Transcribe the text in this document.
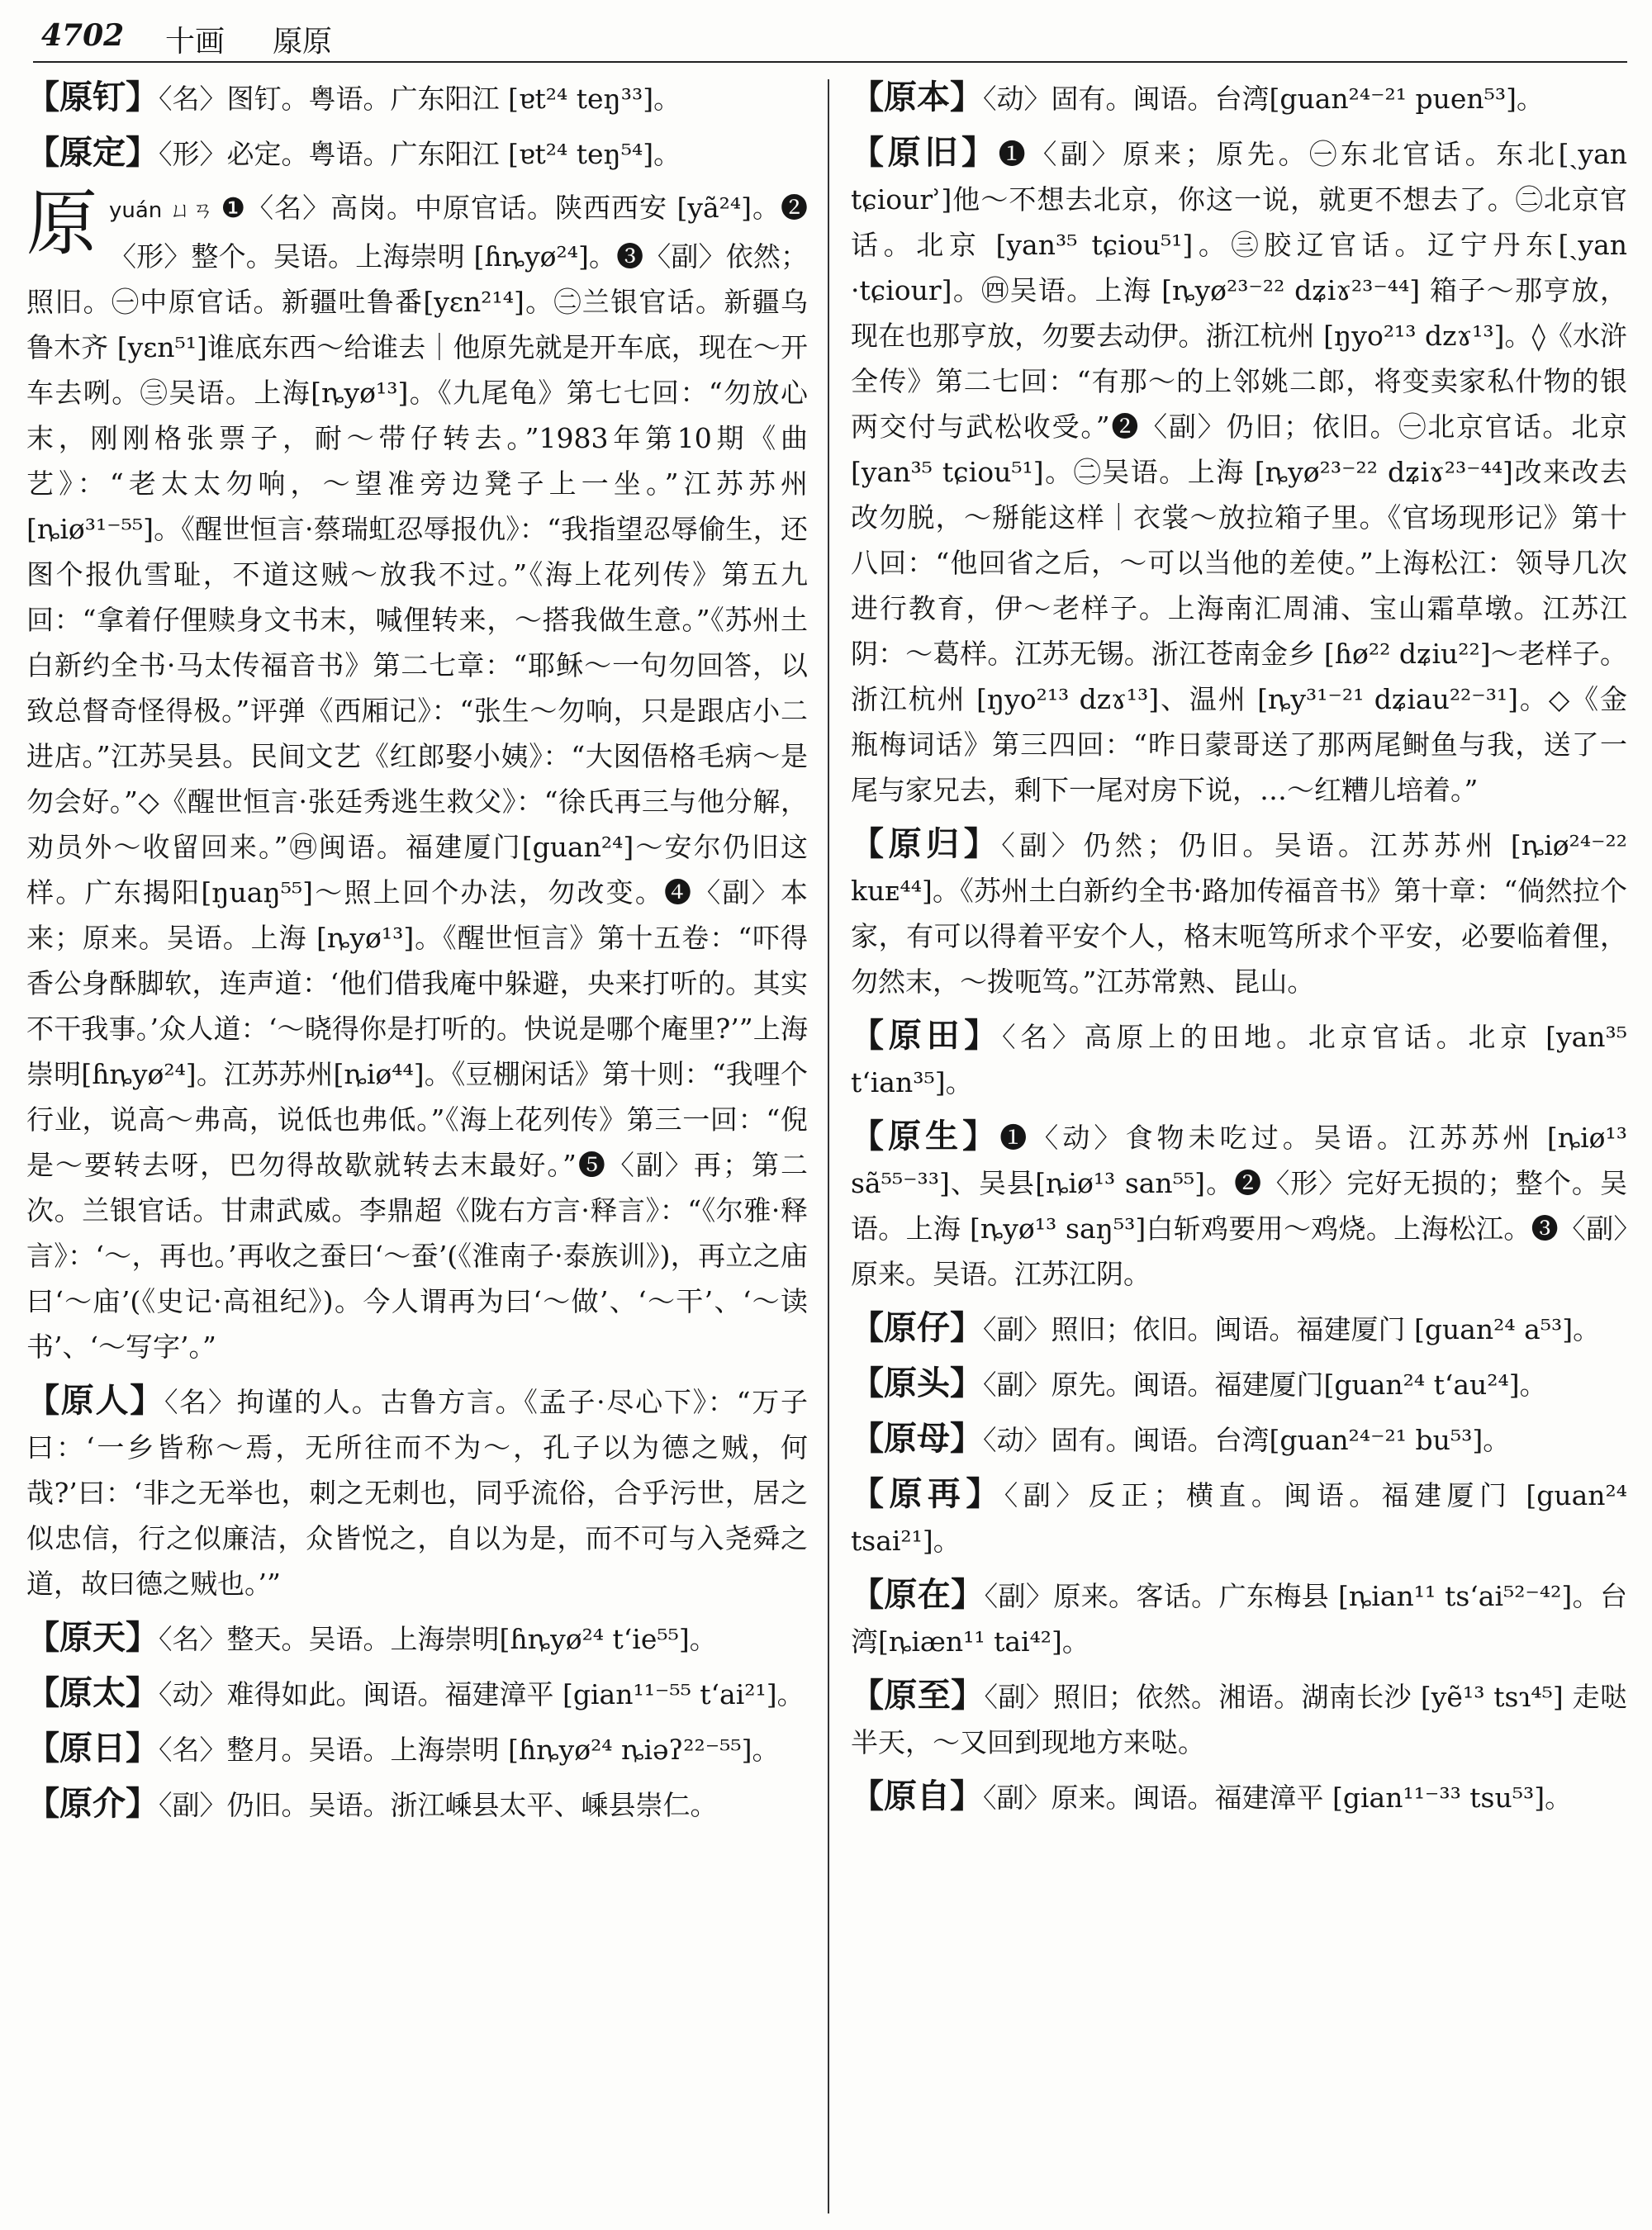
4702 十画 厡原

【厡钉】〈名〉图钉。粤语。广东阳江 [ɐt²⁴ teŋ³³]。

【厡定】〈形〉必定。粤语。广东阳江 [ɐt²⁴ teŋ⁵⁴]。

原yuán ㄩㄢ ❶〈名〉高岗。中原官话。陕西西安 [yã²⁴]。❷〈形〉整个。吴语。上海崇明 [ɦȵyø²⁴]。❸〈副〉依然；照旧。㊀中原官话。新疆吐鲁番[yɛn²¹⁴]。㊁兰银官话。新疆乌鲁木齐 [yɛn⁵¹]谁底东西～给谁去｜他原先就是开车底，现在～开车去咧。㊂吴语。上海[ȵyø¹³]。《九尾龟》第七七回：“勿放心末，刚刚格张票子，耐～带仔转去。”1983年第10期《曲艺》：“老太太勿响，～望准旁边凳子上一坐。”江苏苏州[ȵiø³¹⁻⁵⁵]。《醒世恒言·蔡瑞虹忍辱报仇》：“我指望忍辱偷生，还图个报仇雪耻，不道这贼～放我不过。”《海上花列传》第五九回：“拿着仔俚赎身文书末，喊俚转来，～搭我做生意。”《苏州土白新约全书·马太传福音书》第二七章：“耶稣～一句勿回答，以致总督奇怪得极。”评弹《西厢记》：“张生～勿响，只是跟店小二进店。”江苏吴县。民间文艺《红郎娶小姨》：“大囡俉格毛病～是勿会好。”◇《醒世恒言·张廷秀逃生救父》：“徐氏再三与他分解，劝员外～收留回来。”㊃闽语。福建厦门[guan²⁴]～安尔仍旧这样。广东揭阳[ŋuaŋ⁵⁵]～照上回个办法，勿改变。❹〈副〉本来；原来。吴语。上海 [ȵyø¹³]。《醒世恒言》第十五卷：“吓得香公身酥脚软，连声道：‘他们借我庵中躲避，央来打听的。其实不干我事。’众人道：‘～晓得你是打听的。快说是哪个庵里?’”上海崇明[ɦȵyø²⁴]。江苏苏州[ȵiø⁴⁴]。《豆棚闲话》第十则：“我哩个行业，说高～弗高，说低也弗低。”《海上花列传》第三一回：“倪是～要转去呀，巴勿得故歇就转去末最好。”❺〈副〉再；第二次。兰银官话。甘肃武威。李鼎超《陇右方言·释言》：“《尔雅·释言》：‘～，再也。’再收之蚕曰‘～蚕’(《淮南子·泰族训》)，再立之庙曰‘～庙’(《史记·高祖纪》)。今人谓再为曰‘～做’、‘～干’、‘～读书’、‘～写字’。”

【原人】〈名〉拘谨的人。古鲁方言。《孟子·尽心下》：“万子曰：‘一乡皆称～焉，无所往而不为～，孔子以为德之贼，何哉?’曰：‘非之无举也，刺之无刺也，同乎流俗，合乎污世，居之似忠信，行之似廉洁，众皆悦之，自以为是，而不可与入尧舜之道，故曰德之贼也。’”

【原天】〈名〉整天。吴语。上海崇明[ɦȵyø²⁴ t‘ie⁵⁵]。

【原太】〈动〉难得如此。闽语。福建漳平 [gian¹¹⁻⁵⁵ t‘ai²¹]。

【原日】〈名〉整月。吴语。上海崇明 [ɦȵyø²⁴ ȵiəʔ²²⁻⁵⁵]。

【原介】〈副〉仍旧。吴语。浙江嵊县太平、嵊县崇仁。

【原本】〈动〉固有。闽语。台湾[guan²⁴⁻²¹ puen⁵³]。

【原旧】❶〈副〉原来；原先。㊀东北官话。东北[ˏyan tɕiourʾ]他～不想去北京，你这一说，就更不想去了。㊁北京官话。北京 [yan³⁵ tɕiou⁵¹]。㊂胶辽官话。辽宁丹东[ˏyan ·tɕiour]。㊃吴语。上海 [ȵyø²³⁻²² dʑiɤ²³⁻⁴⁴] 箱子～那亨放，现在也那亨放，勿要去动伊。浙江杭州 [ŋyo²¹³ dzɤ¹³]。◊《水浒全传》第二七回：“有那～的上邻姚二郎，将变卖家私什物的银两交付与武松收受。”❷〈副〉仍旧；依旧。㊀北京官话。北京 [yan³⁵ tɕiou⁵¹]。㊁吴语。上海 [ȵyø²³⁻²² dʑiɤ²³⁻⁴⁴]改来改去改勿脱，～掰能这样｜衣裳～放拉箱子里。《官场现形记》第十八回：“他回省之后，～可以当他的差使。”上海松江：领导几次进行教育，伊～老样子。上海南汇周浦、宝山霜草墩。江苏江阴：～葛样。江苏无锡。浙江苍南金乡 [ɦø²² dʑiu²²]～老样子。浙江杭州 [ŋyo²¹³ dzɤ¹³]、温州 [ȵy³¹⁻²¹ dʑiau²²⁻³¹]。◇《金瓶梅词话》第三四回：“昨日蒙哥送了那两尾鲥鱼与我，送了一尾与家兄去，剩下一尾对房下说，…～红糟儿培着。”

【原归】〈副〉仍然；仍旧。吴语。江苏苏州 [ȵiø²⁴⁻²² kuᴇ⁴⁴]。《苏州土白新约全书·路加传福音书》第十章：“倘然拉个家，有可以得着平安个人，格末呃笃所求个平安，必要临着俚，勿然末，～拨呃笃。”江苏常熟、昆山。

【原田】〈名〉高原上的田地。北京官话。北京 [yan³⁵ t‘ian³⁵]。

【原生】❶〈动〉食物未吃过。吴语。江苏苏州 [ȵiø¹³ sã⁵⁵⁻³³]、吴县[ȵiø¹³ san⁵⁵]。❷〈形〉完好无损的；整个。吴语。上海 [ȵyø¹³ saŋ⁵³]白斩鸡要用～鸡烧。上海松江。❸〈副〉原来。吴语。江苏江阴。

【原仔】〈副〉照旧；依旧。闽语。福建厦门 [guan²⁴ a⁵³]。

【原头】〈副〉原先。闽语。福建厦门[guan²⁴ t‘au²⁴]。

【原母】〈动〉固有。闽语。台湾[guan²⁴⁻²¹ bu⁵³]。

【原再】〈副〉反正；横直。闽语。福建厦门 [guan²⁴ tsai²¹]。

【原在】〈副〉原来。客话。广东梅县 [ȵian¹¹ ts‘ai⁵²⁻⁴²]。台湾[ȵiæn¹¹ tai⁴²]。

【原至】〈副〉照旧；依然。湘语。湖南长沙 [yẽ¹³ tsɿ⁴⁵] 走哒半天，～又回到现地方来哒。

【原自】〈副〉原来。闽语。福建漳平 [gian¹¹⁻³³ tsu⁵³]。
